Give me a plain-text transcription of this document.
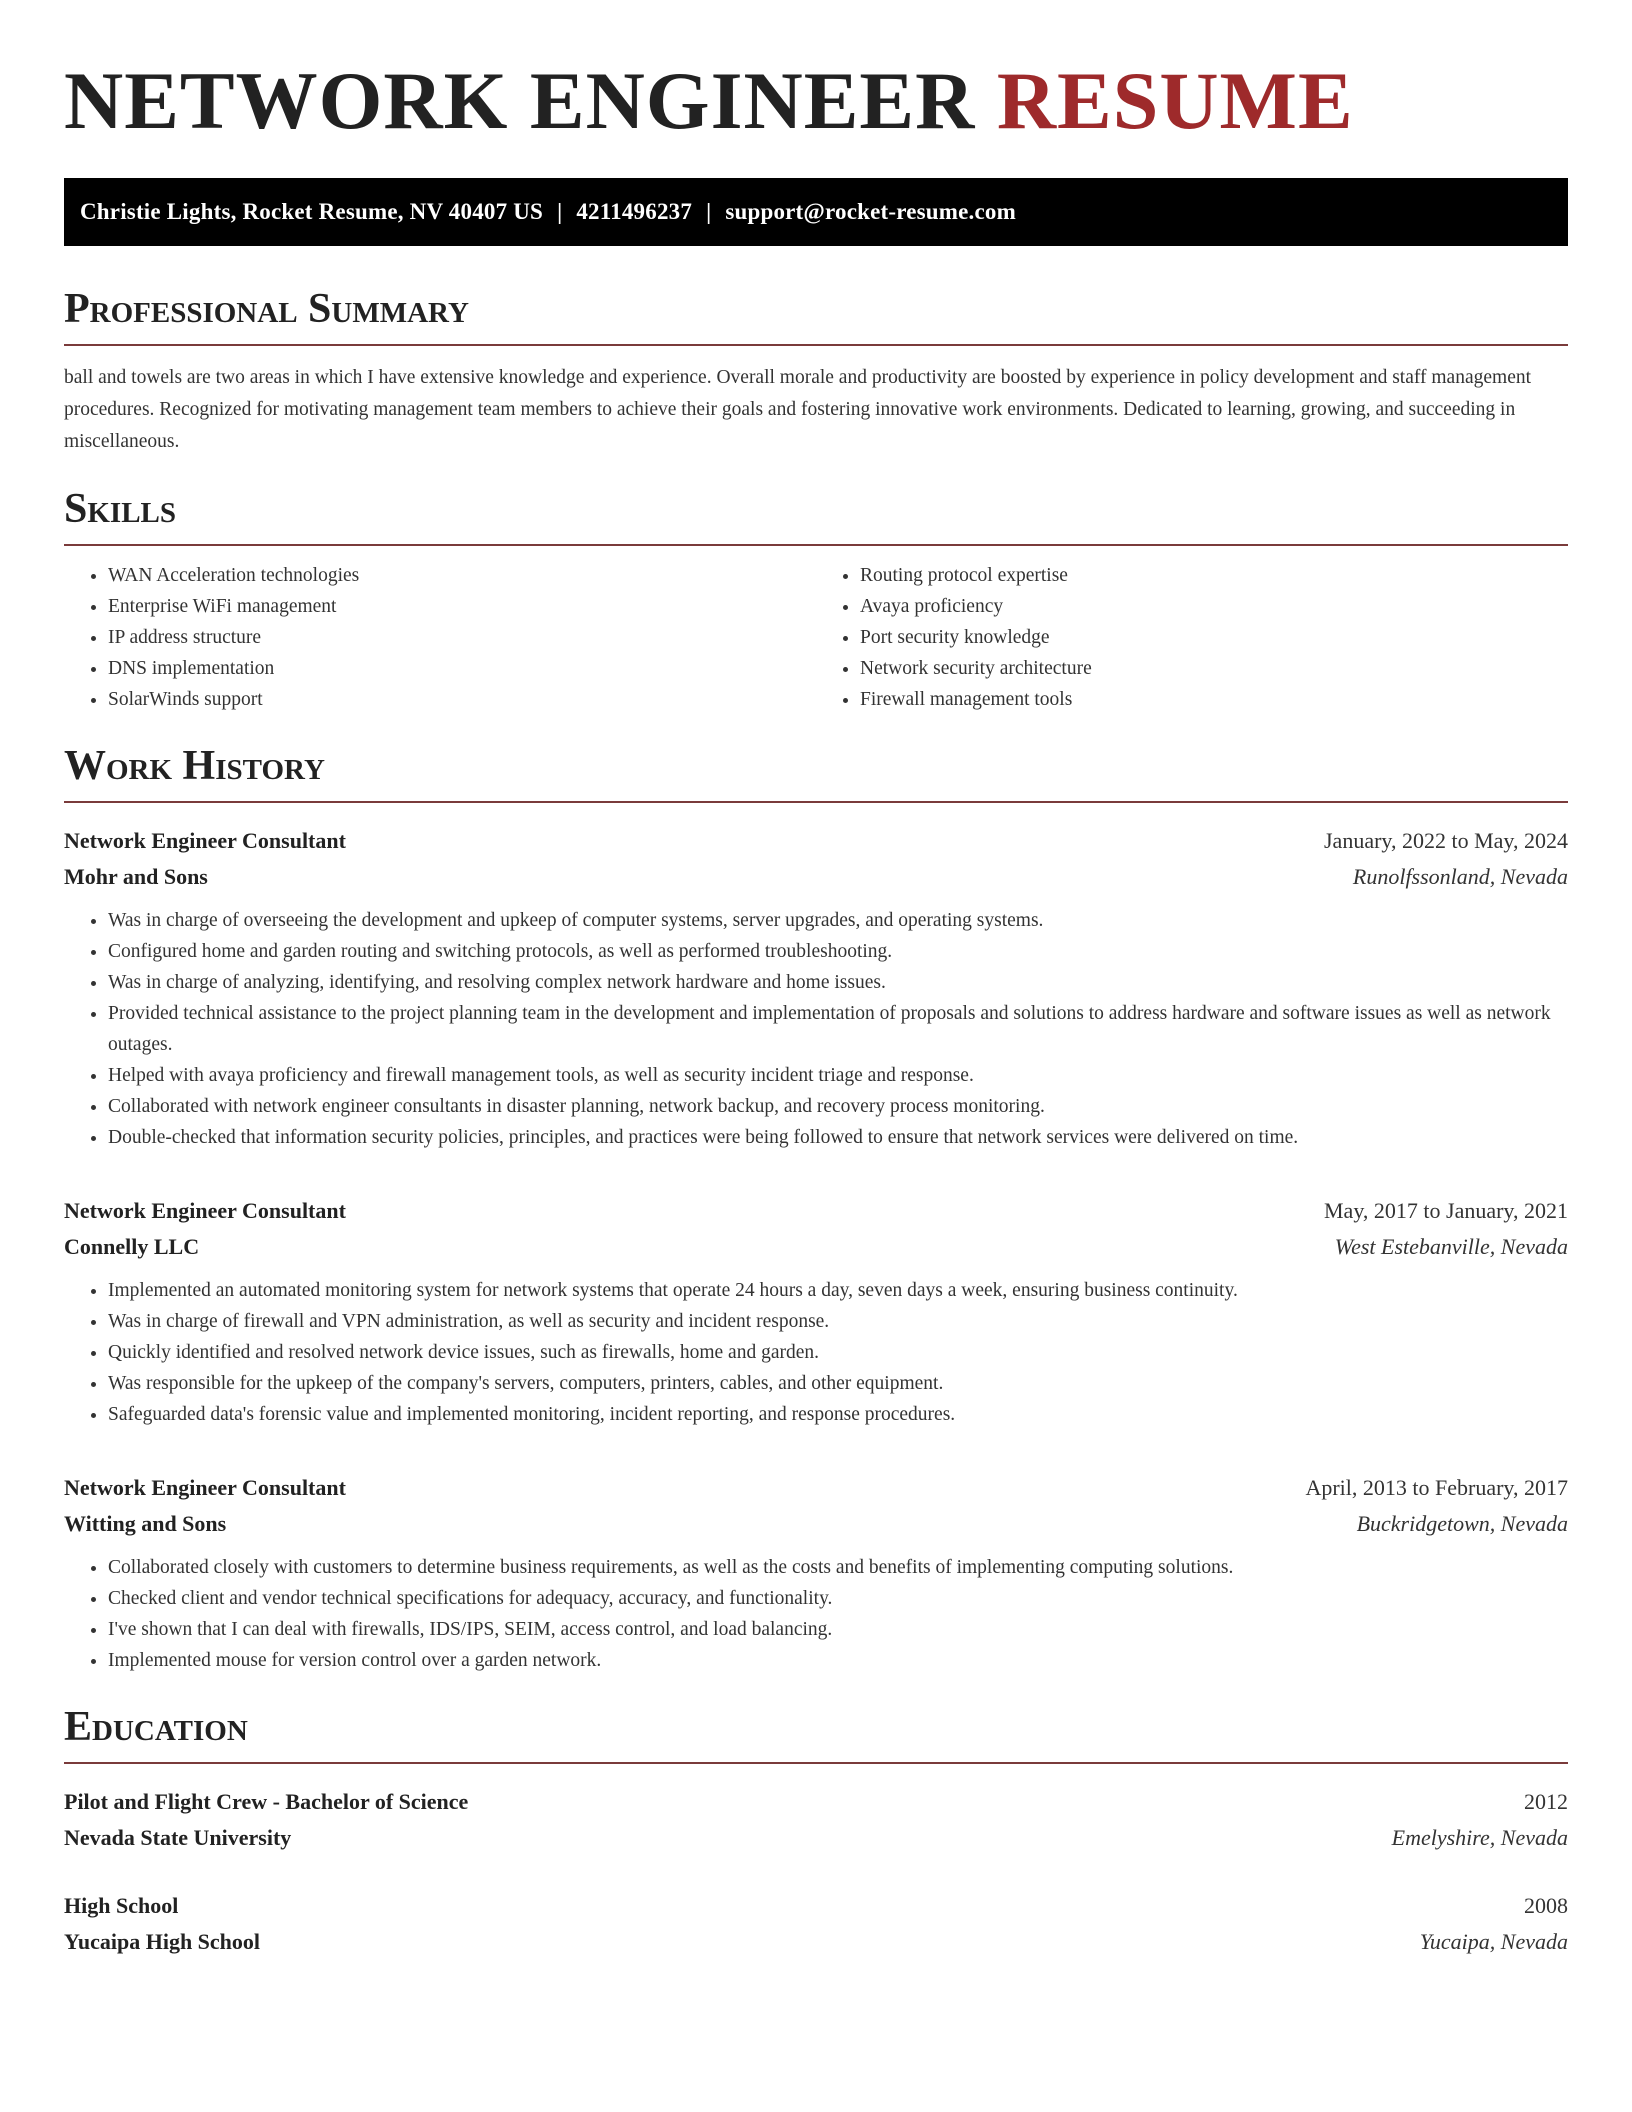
NETWORK ENGINEER RESUME
Christie Lights, Rocket Resume, NV 40407 US | 4211496237 | support@rocket-resume.com
Professional Summary

ball and towels are two areas in which I have extensive knowledge and experience. Overall morale and productivity are boosted by experience in policy development and staff management procedures. Recognized for motivating management team members to achieve their goals and fostering innovative work environments. Dedicated to learning, growing, and succeeding in miscellaneous.

Skills
• WAN Acceleration technologies
• Enterprise WiFi management
• IP address structure
• DNS implementation
• SolarWinds support
• Routing protocol expertise
• Avaya proficiency
• Port security knowledge
• Network security architecture
• Firewall management tools
Work History
Network Engineer Consultant	January, 2022 to May, 2024
Mohr and Sons	Runolfssonland, Nevada
• Was in charge of overseeing the development and upkeep of computer systems, server upgrades, and operating systems.
• Configured home and garden routing and switching protocols, as well as performed troubleshooting.
• Was in charge of analyzing, identifying, and resolving complex network hardware and home issues.
• Provided technical assistance to the project planning team in the development and implementation of proposals and solutions to address hardware and software issues as well as network outages.
• Helped with avaya proficiency and firewall management tools, as well as security incident triage and response.
• Collaborated with network engineer consultants in disaster planning, network backup, and recovery process monitoring.
• Double-checked that information security policies, principles, and practices were being followed to ensure that network services were delivered on time.
Network Engineer Consultant	May, 2017 to January, 2021
Connelly LLC	West Estebanville, Nevada
• Implemented an automated monitoring system for network systems that operate 24 hours a day, seven days a week, ensuring business continuity.
• Was in charge of firewall and VPN administration, as well as security and incident response.
• Quickly identified and resolved network device issues, such as firewalls, home and garden.
• Was responsible for the upkeep of the company's servers, computers, printers, cables, and other equipment.
• Safeguarded data's forensic value and implemented monitoring, incident reporting, and response procedures.
Network Engineer Consultant	April, 2013 to February, 2017
Witting and Sons	Buckridgetown, Nevada
• Collaborated closely with customers to determine business requirements, as well as the costs and benefits of implementing computing solutions.
• Checked client and vendor technical specifications for adequacy, accuracy, and functionality.
• I've shown that I can deal with firewalls, IDS/IPS, SEIM, access control, and load balancing.
• Implemented mouse for version control over a garden network.
Education
Pilot and Flight Crew - Bachelor of Science	2012
Nevada State University	Emelyshire, Nevada
High School	2008
Yucaipa High School	Yucaipa, Nevada
